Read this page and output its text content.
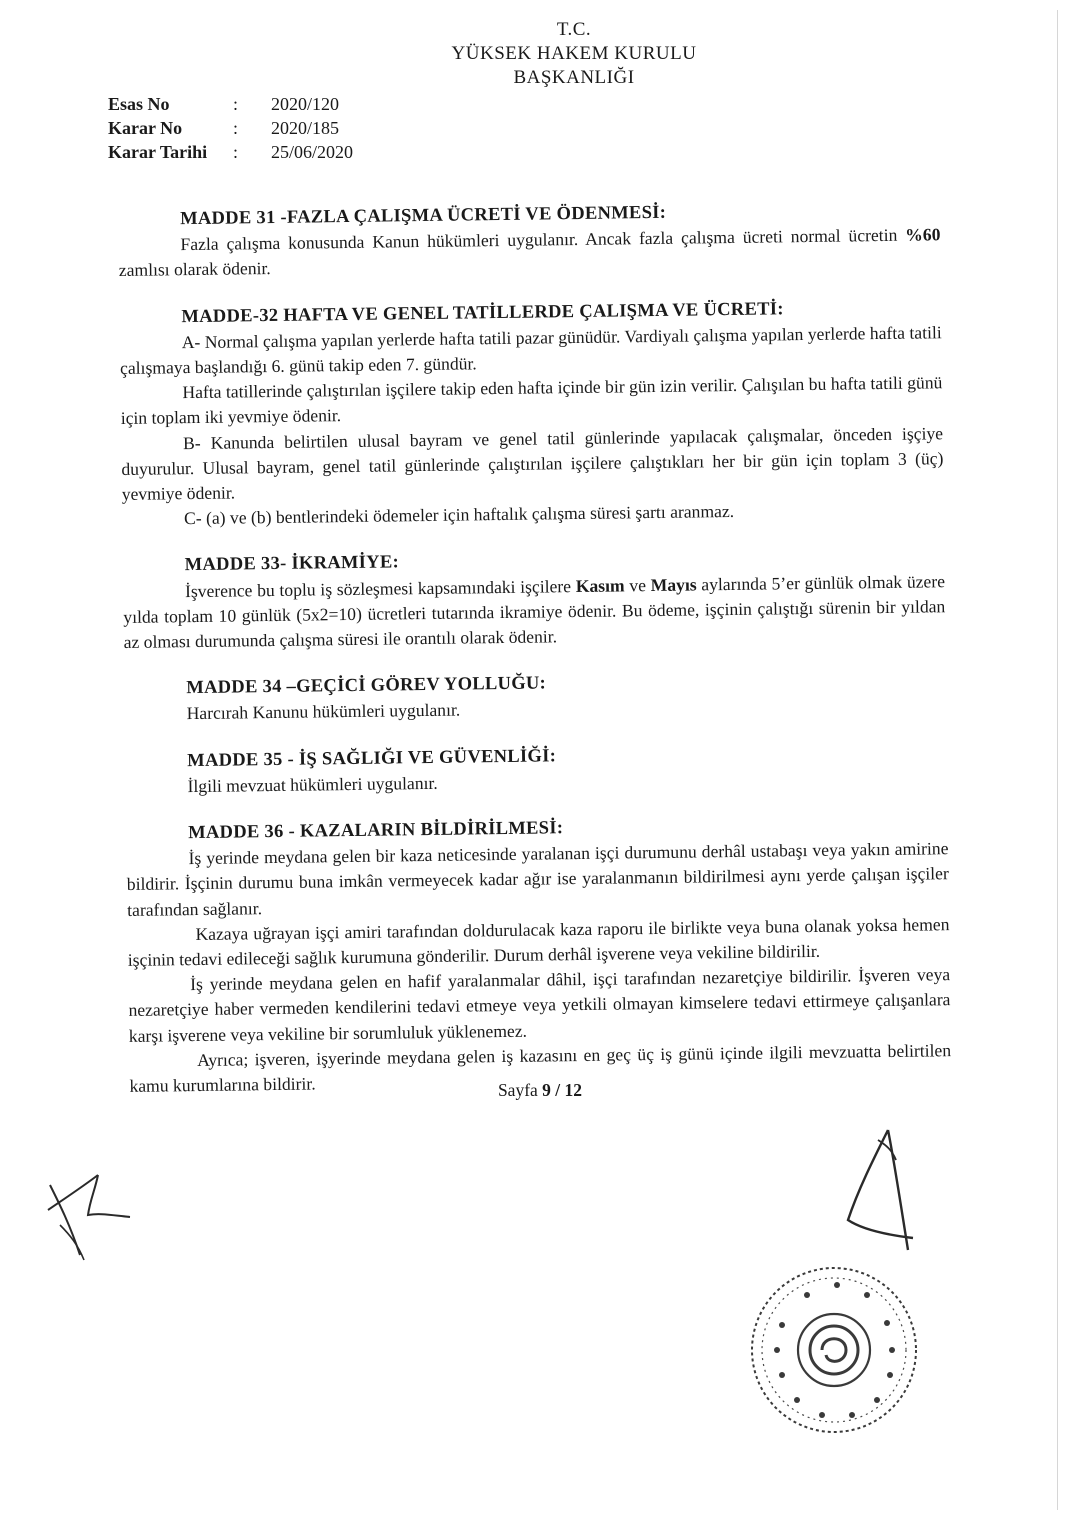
T.C.
YÜKSEK HAKEM KURULU
BAŞKANLIĞI
Esas No	:	2020/120
Karar No	:	2020/185
Karar Tarihi	:	25/06/2020
MADDE 31 -FAZLA ÇALIŞMA ÜCRETİ VE ÖDENMESİ:

Fazla çalışma konusunda Kanun hükümleri uygulanır. Ancak fazla çalışma ücreti normal ücretin %60 zamlısı olarak ödenir.

MADDE-32 HAFTA VE GENEL TATİLLERDE ÇALIŞMA VE ÜCRETİ:

A- Normal çalışma yapılan yerlerde hafta tatili pazar günüdür. Vardiyalı çalışma yapılan yerlerde hafta tatili çalışmaya başlandığı 6. günü takip eden 7. gündür.

Hafta tatillerinde çalıştırılan işçilere takip eden hafta içinde bir gün izin verilir. Çalışılan bu hafta tatili günü için toplam iki yevmiye ödenir.

B- Kanunda belirtilen ulusal bayram ve genel tatil günlerinde yapılacak çalışmalar, önceden işçiye duyurulur. Ulusal bayram, genel tatil günlerinde çalıştırılan işçilere çalıştıkları her bir gün için toplam 3 (üç) yevmiye ödenir.

C- (a) ve (b) bentlerindeki ödemeler için haftalık çalışma süresi şartı aranmaz.

MADDE 33- İKRAMİYE:

İşverence bu toplu iş sözleşmesi kapsamındaki işçilere Kasım ve Mayıs aylarında 5’er günlük olmak üzere yılda toplam 10 günlük (5x2=10) ücretleri tutarında ikramiye ödenir. Bu ödeme, işçinin çalıştığı sürenin bir yıldan az olması durumunda çalışma süresi ile orantılı olarak ödenir.

MADDE 34 –GEÇİCİ GÖREV YOLLUĞU:

Harcırah Kanunu hükümleri uygulanır.

MADDE 35 - İŞ SAĞLIĞI VE GÜVENLİĞİ:

İlgili mevzuat hükümleri uygulanır.

MADDE 36 - KAZALARIN BİLDİRİLMESİ:

İş yerinde meydana gelen bir kaza neticesinde yaralanan işçi durumunu derhâl ustabaşı veya yakın amirine bildirir. İşçinin durumu buna imkân vermeyecek kadar ağır ise yaralanmanın bildirilmesi aynı yerde çalışan işçiler tarafından sağlanır.

Kazaya uğrayan işçi amiri tarafından doldurulacak kaza raporu ile birlikte veya buna olanak yoksa hemen işçinin tedavi edileceği sağlık kurumuna gönderilir. Durum derhâl işverene veya vekiline bildirilir.

İş yerinde meydana gelen en hafif yaralanmalar dâhil, işçi tarafından nezaretçiye bildirilir. İşveren veya nezaretçiye haber vermeden kendilerini tedavi etmeye veya yetkili olmayan kimselere tedavi ettirmeye çalışanlara karşı işverene veya vekiline bir sorumluluk yüklenemez.

Ayrıca; işveren, işyerinde meydana gelen iş kazasını en geç üç iş günü içinde ilgili mevzuatta belirtilen kamu kurumlarına bildirir.	Sayfa 9 / 12
